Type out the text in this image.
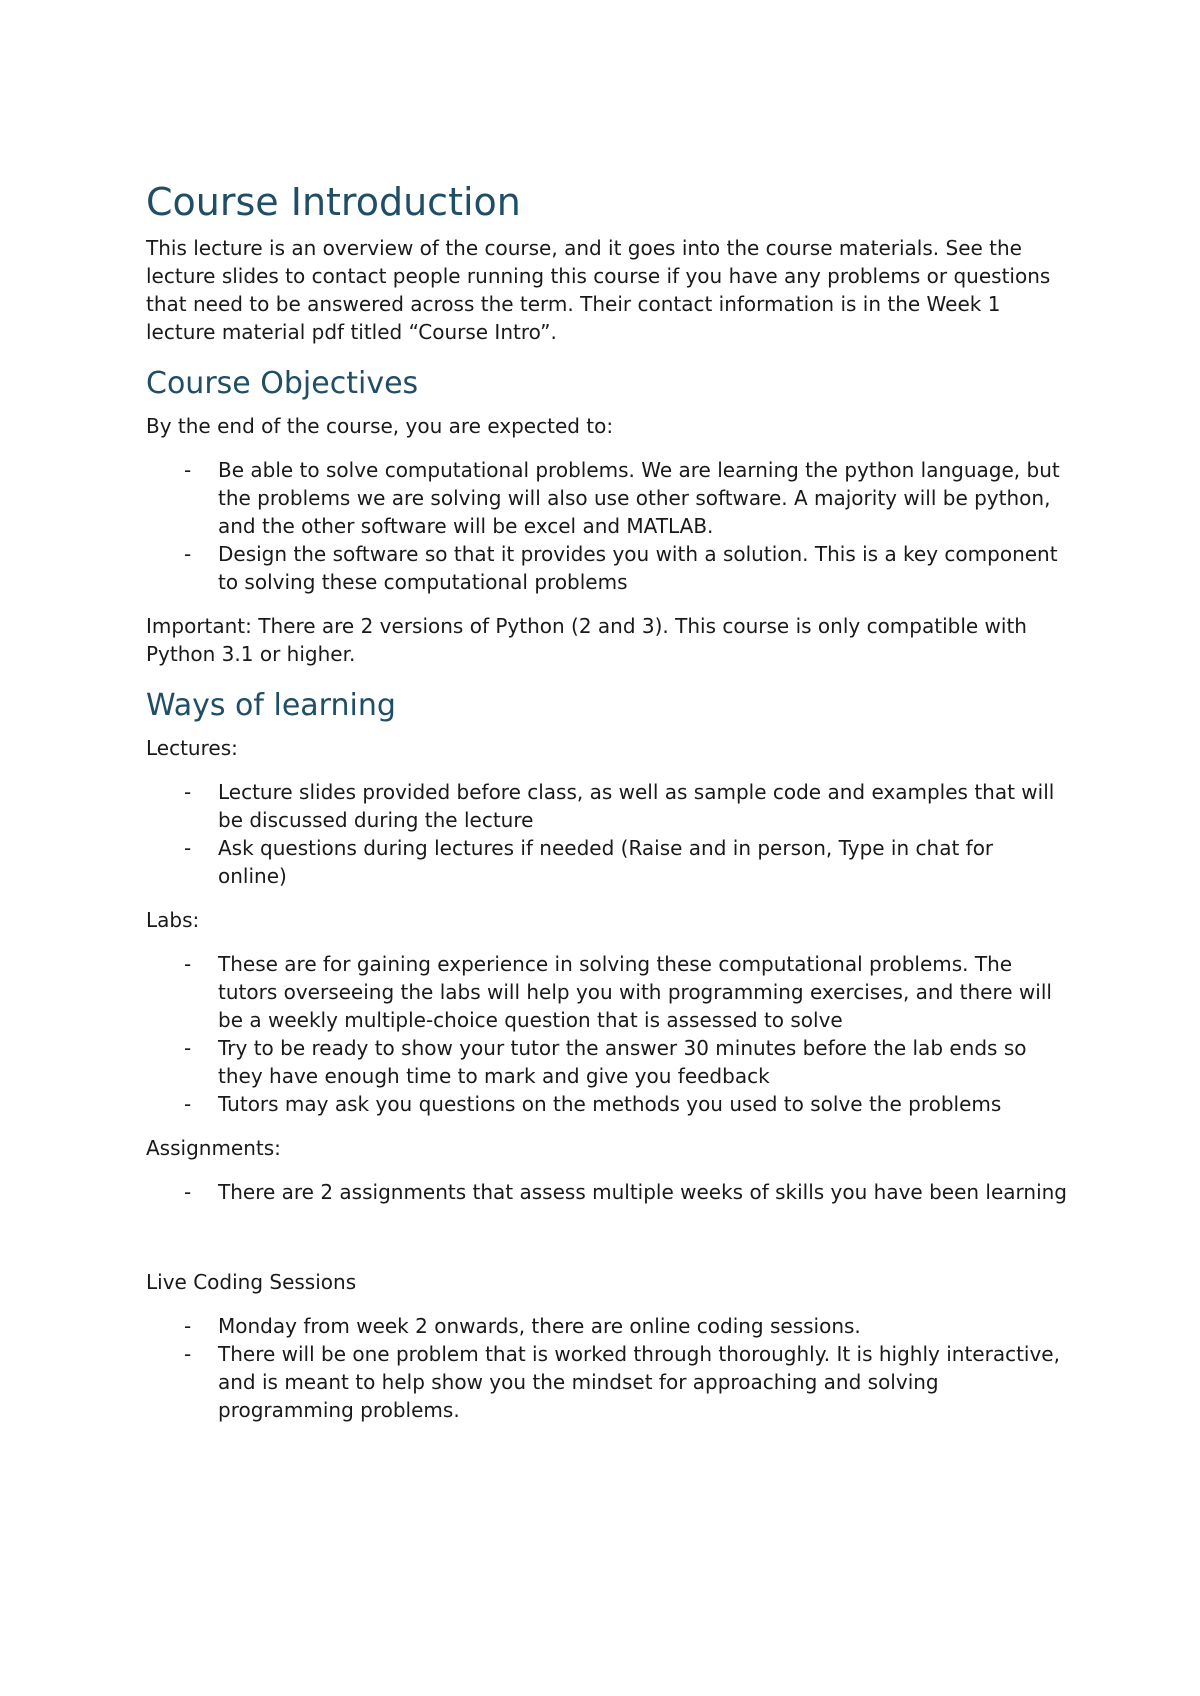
Course Introduction

This lecture is an overview of the course, and it goes into the course materials. See the lecture slides to contact people running this course if you have any problems or questions that need to be answered across the term. Their contact information is in the Week 1 lecture material pdf titled “Course Intro”.

Course Objectives

By the end of the course, you are expected to:

- Be able to solve computational problems. We are learning the python language, but the problems we are solving will also use other software. A majority will be python, and the other software will be excel and MATLAB.
- Design the software so that it provides you with a solution. This is a key component to solving these computational problems

Important: There are 2 versions of Python (2 and 3). This course is only compatible with Python 3.1 or higher.

Ways of learning

Lectures:

- Lecture slides provided before class, as well as sample code and examples that will be discussed during the lecture
- Ask questions during lectures if needed (Raise and in person, Type in chat for online)

Labs:

- These are for gaining experience in solving these computational problems. The tutors overseeing the labs will help you with programming exercises, and there will be a weekly multiple-choice question that is assessed to solve
- Try to be ready to show your tutor the answer 30 minutes before the lab ends so they have enough time to mark and give you feedback
- Tutors may ask you questions on the methods you used to solve the problems

Assignments:

- There are 2 assignments that assess multiple weeks of skills you have been learning

Live Coding Sessions

- Monday from week 2 onwards, there are online coding sessions.
- There will be one problem that is worked through thoroughly. It is highly interactive, and is meant to help show you the mindset for approaching and solving programming problems.
